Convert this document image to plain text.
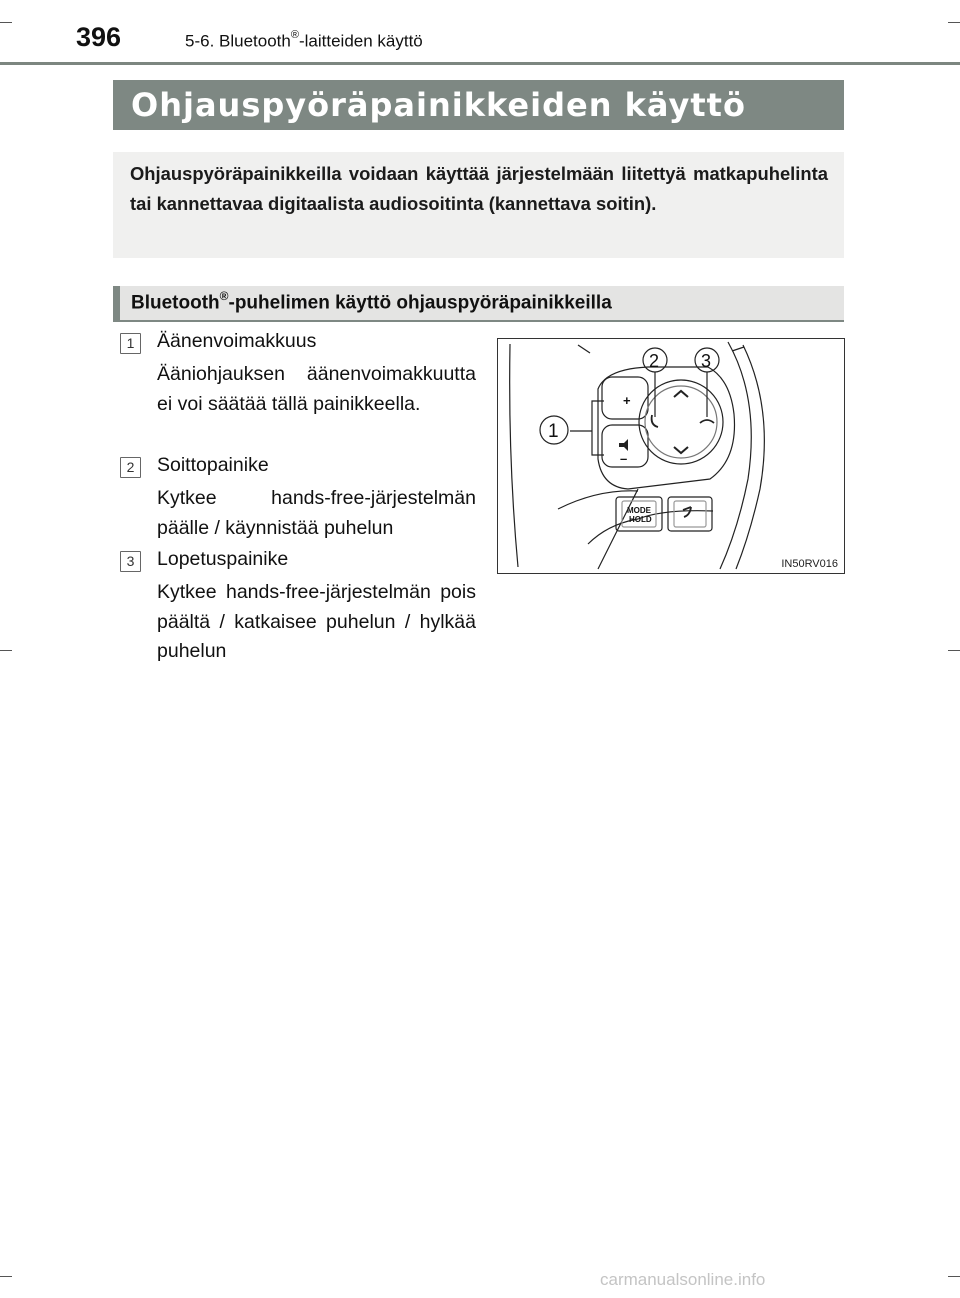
396	5-6. Bluetooth®-laitteiden käyttö
Ohjauspyöräpainikkeiden käyttö
Ohjauspyöräpainikkeilla voidaan käyttää järjestelmään liitettyä matkapuhelinta tai kannettavaa digitaalista audiosoitinta (kannettava soitin).
Bluetooth®-puhelimen käyttö ohjauspyöräpainikkeilla
1	Äänenvoimakkuus
Ääniohjauksen äänenvoimakkuutta ei voi säätää tällä painikkeella.
2	Soittopainike
Kytkee hands-free-järjestelmän päälle / käynnistää puhelun
3	Lopetuspainike
Kytkee hands-free-järjestelmän pois päältä / katkaisee puhelun / hylkää puhelun
+
–
MODE
HOLD
1
2 3
IN50RV016
carmanualsonline.info
